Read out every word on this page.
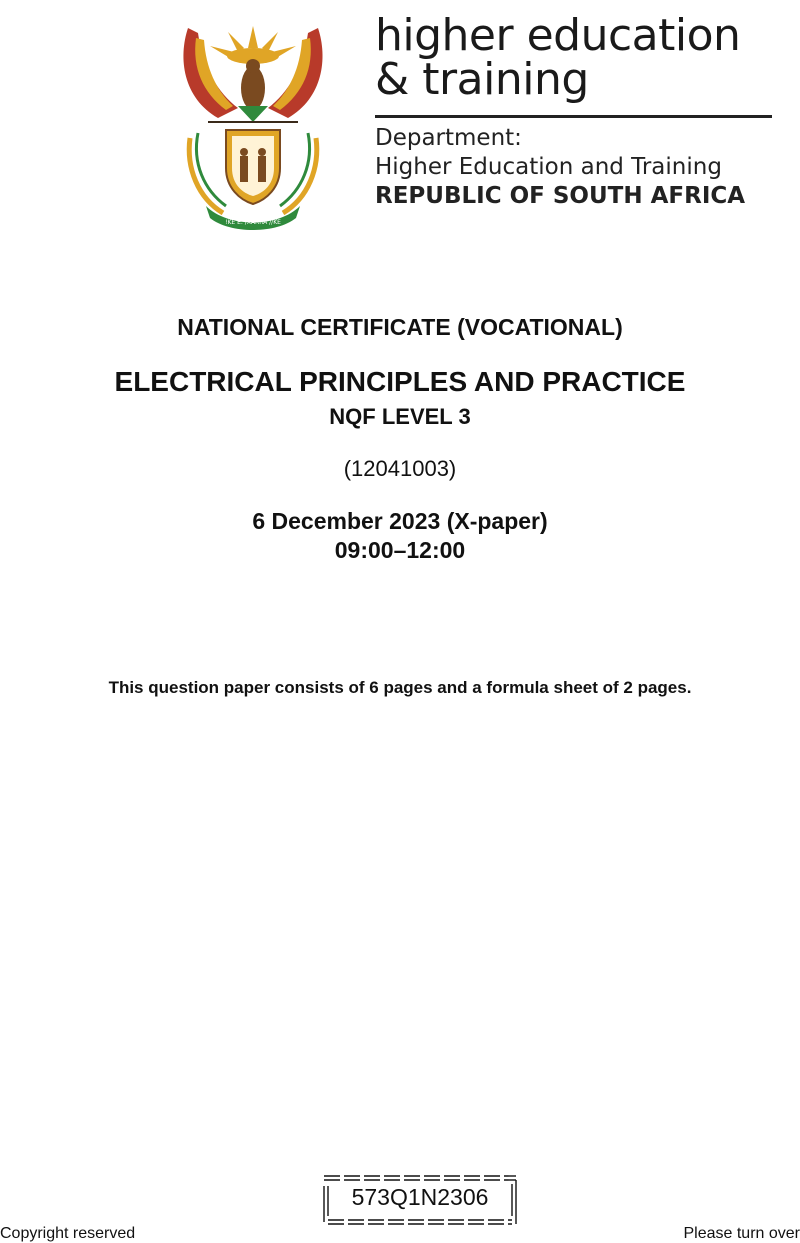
!KE E: /XARRA //KE
higher education
& training
Department:
Higher Education and Training
REPUBLIC OF SOUTH AFRICA
NATIONAL CERTIFICATE (VOCATIONAL)
ELECTRICAL PRINCIPLES AND PRACTICE
NQF LEVEL 3
(12041003)
6 December 2023 (X-paper)
09:00–12:00
This question paper consists of 6 pages and a formula sheet of 2 pages.
573Q1N2306
Copyright reserved	Please turn over
